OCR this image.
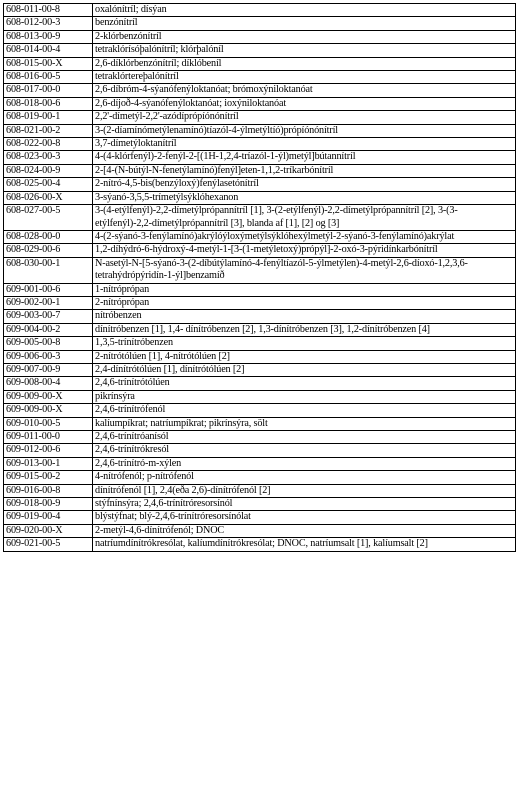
608-011-00-8	oxalónítríl; dísýan
608-012-00-3	benzónítríl
608-013-00-9	2-klórbenzónítríl
608-014-00-4	tetraklórísóþalónítríl; klórþalóníl
608-015-00-X	2,6-díklórbenzónítríl; díklóbeníl
608-016-00-5	tetraklórtereþalónítríl
608-017-00-0	2,6-díbróm-4-sýanófenýloktanóat; brómoxýniloktanóat
608-018-00-6	2,6-díjoð-4-sýanófenýloktanóat; ioxýniloktanóat
608-019-00-1	2,2'-dímetýl-2,2'-azódíprópíónónítríl
608-021-00-2	3-(2-díamínómetýlenamínó)tíazól-4-ýlmetýltíó)própíónónítríl
608-022-00-8	3,7-dímetýloktanítríl
608-023-00-3	4-(4-klórfenýl)-2-fenýl-2-[(1H-1,2,4-tríazól-1-ýl)metýl]bútannítríl
608-024-00-9	2-[4-(N-bútýl-N-fenetýlamínó)fenýl]eten-1,1,2-tríkarbónítríl
608-025-00-4	2-nítró-4,5-bis(benzýloxý)fenýlasetónítríl
608-026-00-X	3-sýanó-3,5,5-trímetýlsýklóhexanon
608-027-00-5	3-(4-etýlfenýl)-2,2-dímetýlprópannítríl [1], 3-(2-etýlfenýl)-2,2-dímetýlprópannítríl [2], 3-(3-etýlfenýl)-2,2-dímetýlprópannítríl [3], blanda af [1], [2] og [3]
608-028-00-0	4-(2-sýanó-3-fenýlamínó)akrýlóýloxýmetýlsýklóhexýlmetýl-2-sýanó-3-fenýlamínó)akrýlat
608-029-00-6	1,2-díhýdró-6-hýdroxý-4-metýl-1-[3-(1-metýletoxý)própýl]-2-oxó-3-pýridínkarbónítríl
608-030-00-1	N-asetýl-N-[5-sýanó-3-(2-díbútýlamínó-4-fenýltíazól-5-ýlmetýlen)-4-metýl-2,6-díoxó-1,2,3,6-tetrahýdrópýridín-1-ýl]benzamíð
609-001-00-6	1-nítróprópan
609-002-00-1	2-nítróprópan
609-003-00-7	nítróbenzen
609-004-00-2	dínítróbenzen [1], 1,4- dínítróbenzen [2], 1,3-dínítróbenzen [3], 1,2-dínítróbenzen [4]
609-005-00-8	1,3,5-trínítróbenzen
609-006-00-3	2-nítrótólúen [1], 4-nítrótólúen [2]
609-007-00-9	2,4-dínítrótólúen [1], dínítrótólúen [2]
609-008-00-4	2,4,6-trínítrótólúen
609-009-00-X	pikrínsýra
609-009-00-X	2,4,6-trínítrófenól
609-010-00-5	kalíumpíkrat; natríumpíkrat; pikrínsýra, sölt
609-011-00-0	2,4,6-trínítróanísól
609-012-00-6	2,4,6-trínítrókresól
609-013-00-1	2,4,6-trínítró-m-xýlen
609-015-00-2	4-nítrófenól; p-nítrófenól
609-016-00-8	dínítrófenól [1], 2,4(eða 2,6)-dínítrófenól [2]
609-018-00-9	stýfnínsýra; 2,4,6-trínítróresorsínól
609-019-00-4	blýstýfnat; blý-2,4,6-trínítróresorsínólat
609-020-00-X	2-metýl-4,6-dínítrófenól; DNOC
609-021-00-5	natríumdínítrókresólat, kalíumdínítrókresólat; DNOC, natríumsalt [1], kalíumsalt [2]
